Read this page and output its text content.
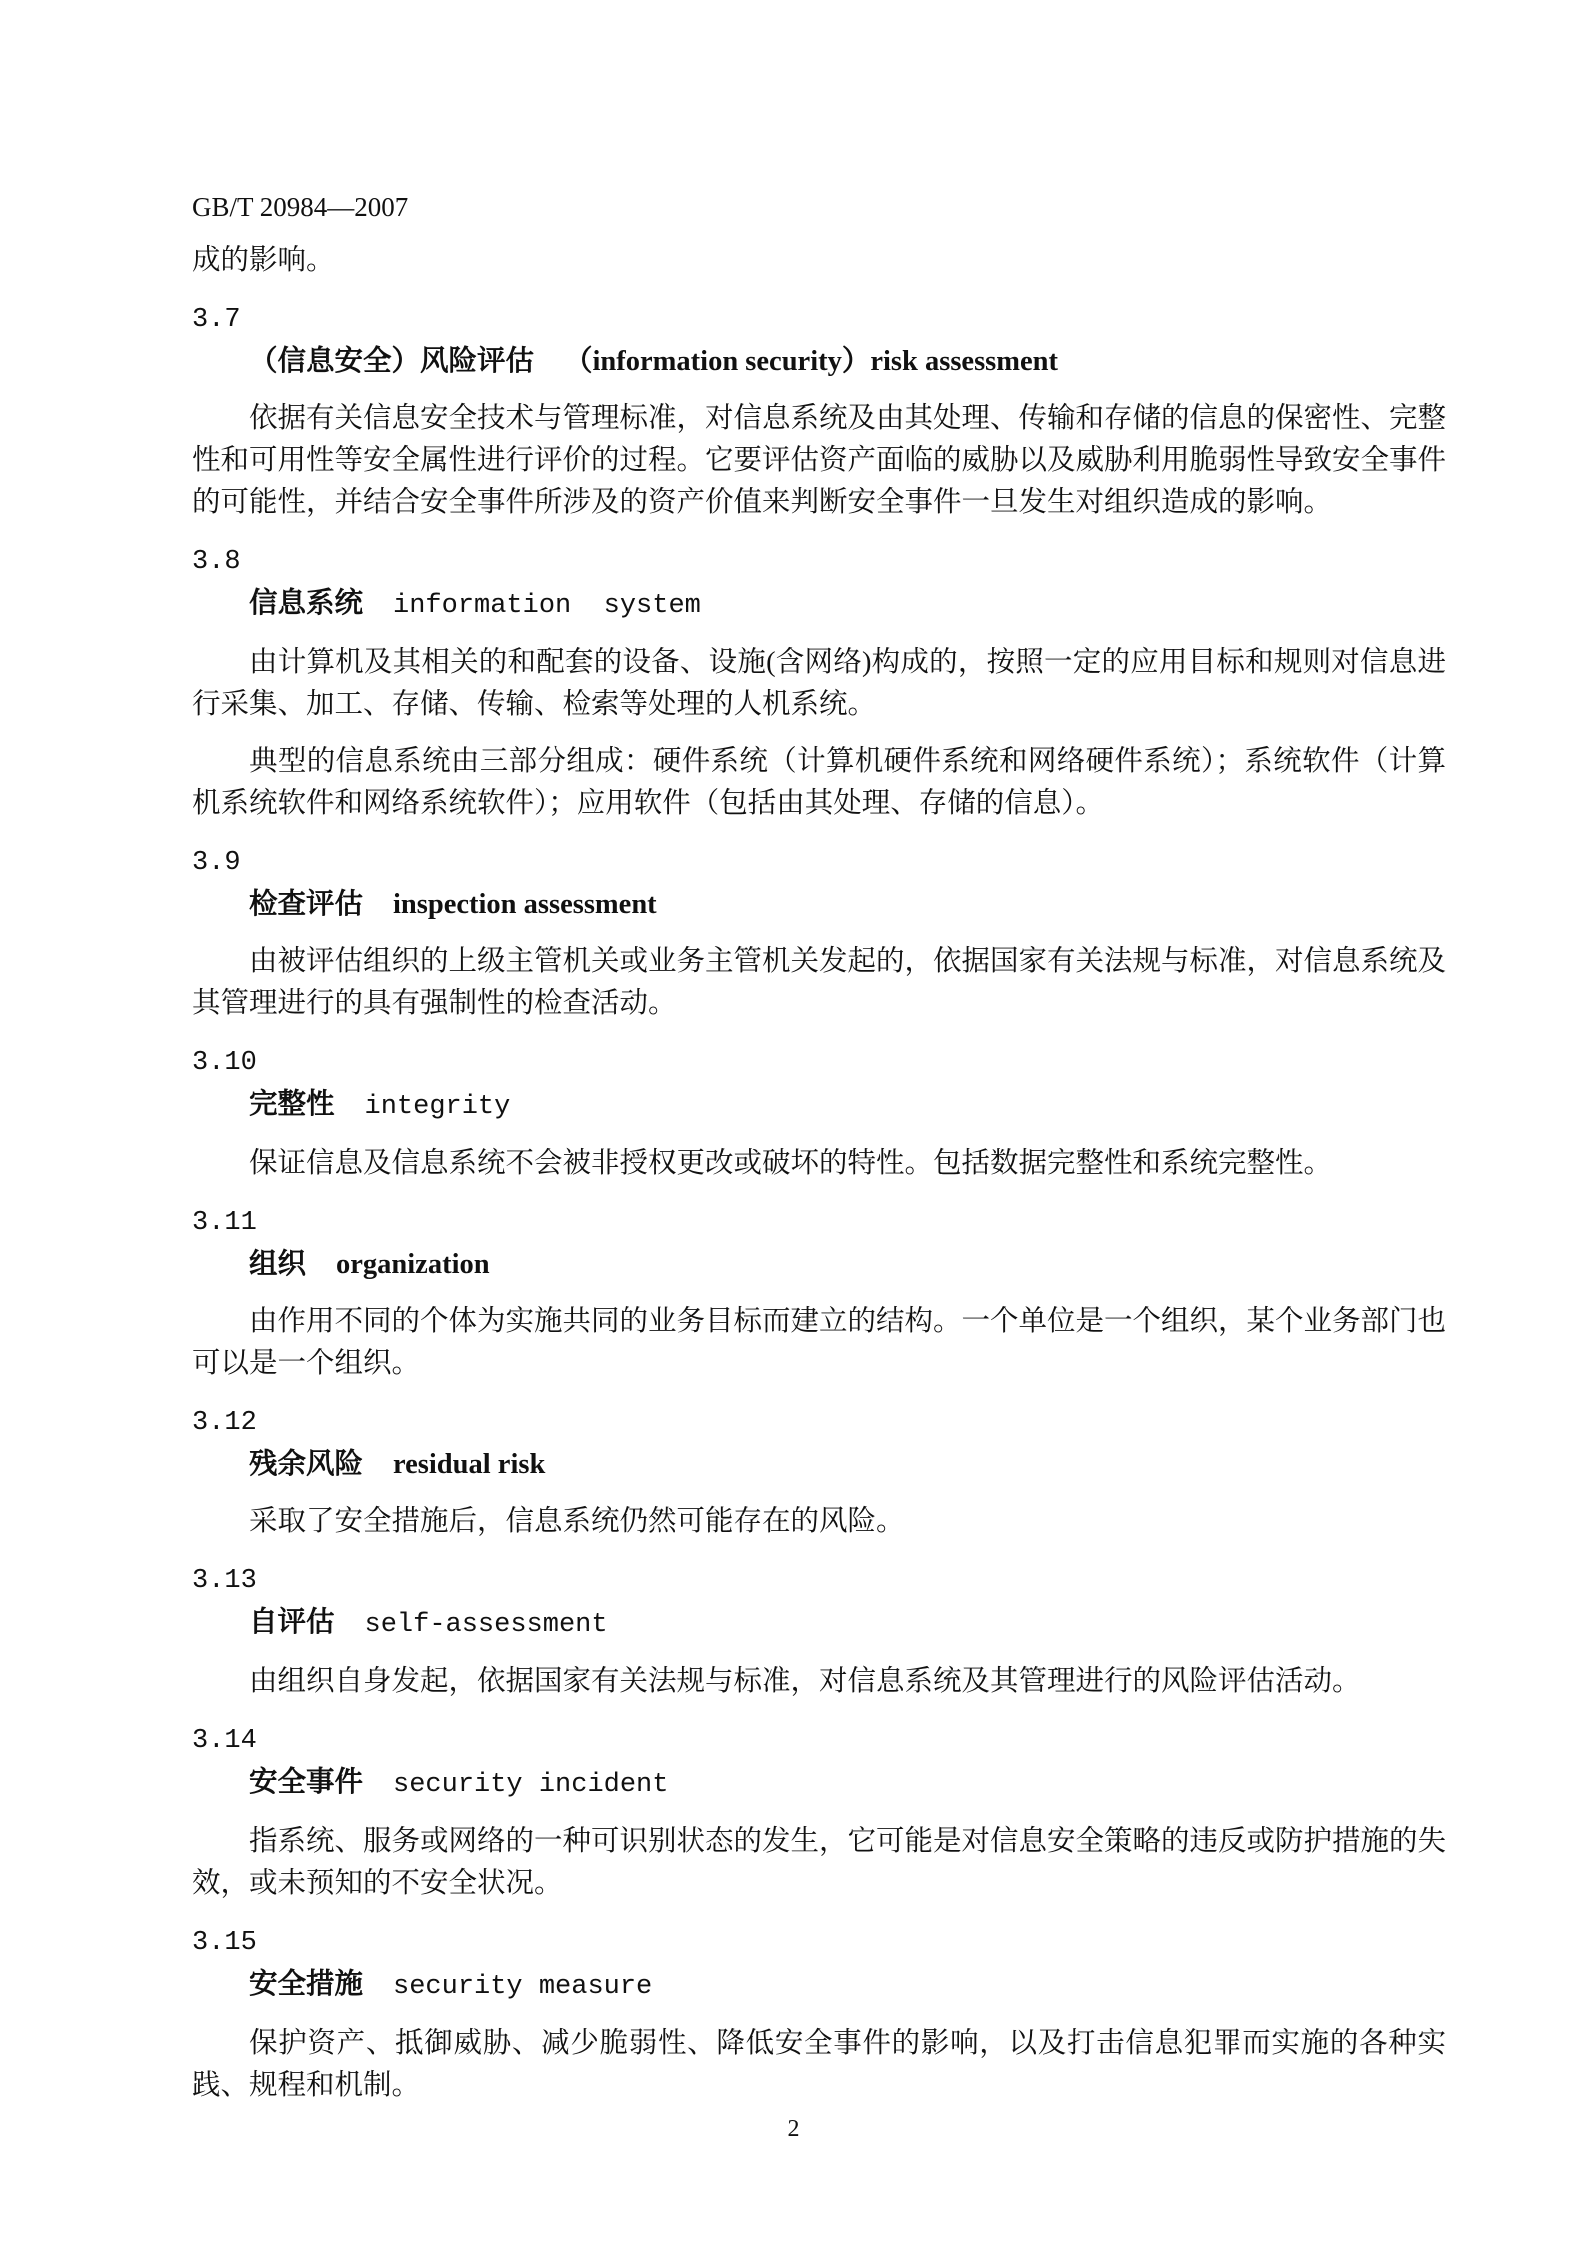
GB/T 20984—2007
成的影响。
3.7
（信息安全）风险评估 （information security）risk assessment
依据有关信息安全技术与管理标准，对信息系统及由其处理、传输和存储的信息的保密性、完整性和可用性等安全属性进行评价的过程。它要评估资产面临的威胁以及威胁利用脆弱性导致安全事件的可能性，并结合安全事件所涉及的资产价值来判断安全事件一旦发生对组织造成的影响。
3.8
信息系统 information  system
由计算机及其相关的和配套的设备、设施(含网络)构成的，按照一定的应用目标和规则对信息进行采集、加工、存储、传输、检索等处理的人机系统。
典型的信息系统由三部分组成：硬件系统（计算机硬件系统和网络硬件系统）；系统软件（计算机系统软件和网络系统软件）；应用软件（包括由其处理、存储的信息）。
3.9
检查评估 inspection assessment
由被评估组织的上级主管机关或业务主管机关发起的，依据国家有关法规与标准，对信息系统及其管理进行的具有强制性的检查活动。
3.10
完整性 integrity
保证信息及信息系统不会被非授权更改或破坏的特性。包括数据完整性和系统完整性。
3.11
组织 organization
由作用不同的个体为实施共同的业务目标而建立的结构。一个单位是一个组织，某个业务部门也可以是一个组织。
3.12
残余风险 residual risk
采取了安全措施后，信息系统仍然可能存在的风险。
3.13
自评估 self-assessment
由组织自身发起，依据国家有关法规与标准，对信息系统及其管理进行的风险评估活动。
3.14
安全事件 security incident
指系统、服务或网络的一种可识别状态的发生，它可能是对信息安全策略的违反或防护措施的失效，或未预知的不安全状况。
3.15
安全措施 security measure
保护资产、抵御威胁、减少脆弱性、降低安全事件的影响，以及打击信息犯罪而实施的各种实践、规程和机制。
2
